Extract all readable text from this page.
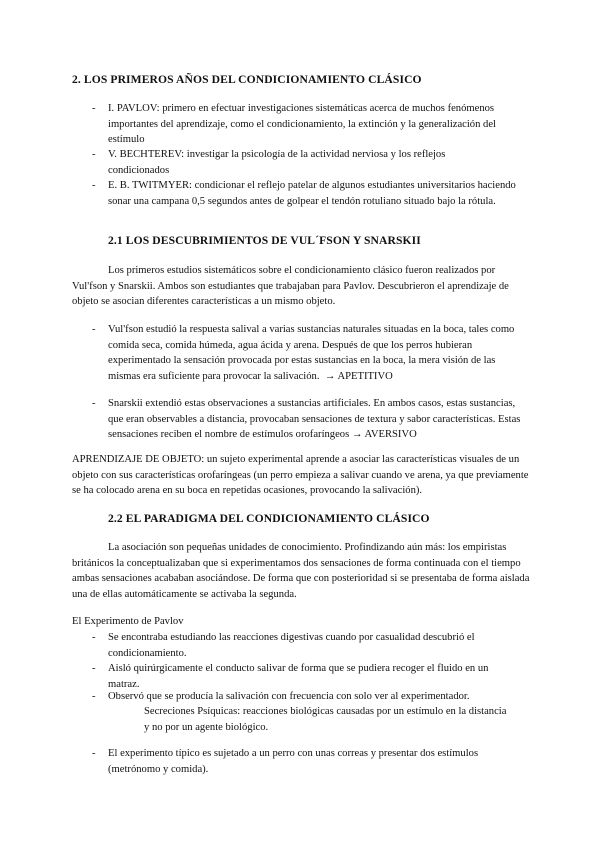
2. LOS PRIMEROS AÑOS DEL CONDICIONAMIENTO CLÁSICO
- I. PAVLOV: primero en efectuar investigaciones sistemáticas acerca de muchos fenómenos importantes del aprendizaje, como el condicionamiento, la extinción y la generalización del estímulo
- V. BECHTEREV: investigar la psicología de la actividad nerviosa y los reflejos condicionados
- E. B. TWITMYER: condicionar el reflejo patelar de algunos estudiantes universitarios haciendo sonar una campana 0,5 segundos antes de golpear el tendón rotuliano situado bajo la rótula.
2.1 LOS DESCUBRIMIENTOS DE VUL´FSON Y SNARSKII
Los primeros estudios sistemáticos sobre el condicionamiento clásico fueron realizados por Vul'fson y Snarskii. Ambos son estudiantes que trabajaban para Pavlov. Descubrieron el aprendizaje de objeto se asocian diferentes características a un mismo objeto.
- Vul'fson estudió la respuesta salival a varias sustancias naturales situadas en la boca, tales como comida seca, comida húmeda, agua ácida y arena. Después de que los perros hubieran experimentado la sensación provocada por estas sustancias en la boca, la mera visión de las mismas era suficiente para provocar la salivación. → APETITIVO
- Snarskii extendió estas observaciones a sustancias artificiales. En ambos casos, estas sustancias, que eran observables a distancia, provocaban sensaciones de textura y sabor características. Estas sensaciones reciben el nombre de estímulos orofaríngeos → AVERSIVO
APRENDIZAJE DE OBJETO: un sujeto experimental aprende a asociar las características visuales de un objeto con sus características orofaríngeas (un perro empieza a salivar cuando ve arena, ya que previamente se ha colocado arena en su boca en repetidas ocasiones, provocando la salivación).
2.2 EL PARADIGMA DEL CONDICIONAMIENTO CLÁSICO
La asociación son pequeñas unidades de conocimiento. Profindizando aún más: los empiristas británicos la conceptualizaban que si experimentamos dos sensaciones de forma continuada con el tiempo ambas sensaciones acababan asociándose. De forma que con posterioridad si se presentaba de forma aislada una de ellas automáticamente se activaba la segunda.
El Experimento de Pavlov
- Se encontraba estudiando las reacciones digestivas cuando por casualidad descubrió el condicionamiento.
- Aisló quirúrgicamente el conducto salivar de forma que se pudiera recoger el fluido en un matraz.
- Observó que se producía la salivación con frecuencia con solo ver al experimentador.
Secreciones Psíquicas: reacciones biológicas causadas por un estímulo en la distancia y no por un agente biológico.
- El experimento típico es sujetado a un perro con unas correas y presentar dos estímulos (metrónomo y comida).
